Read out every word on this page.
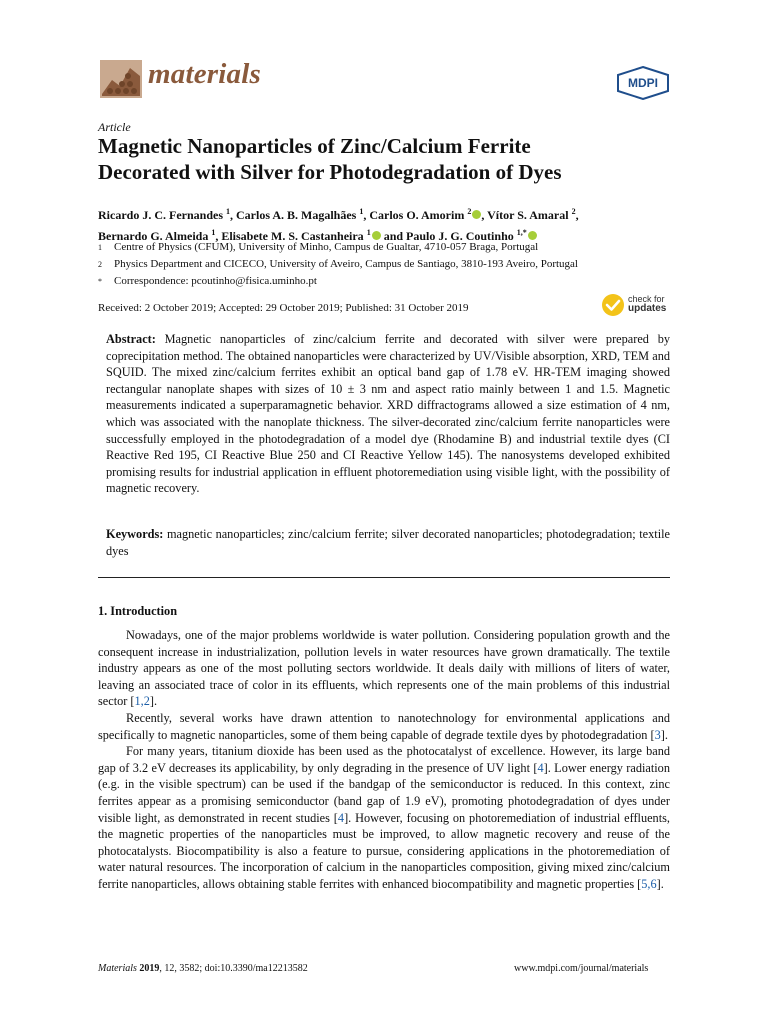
materials	MDPI
Article
Magnetic Nanoparticles of Zinc/Calcium Ferrite
Decorated with Silver for Photodegradation of Dyes
Ricardo J. C. Fernandes $^1$, Carlos A. B. Magalhães $^1$, Carlos O. Amorim $^2$ , Vítor S. Amaral $^2$,
Bernardo G. Almeida $^1$, Elisabete M. S. Castanheira $^1$ and Paulo J. G. Coutinho $^{1,*}$
1	Centre of Physics (CFUM), University of Minho, Campus de Gualtar, 4710-057 Braga, Portugal
2	Physics Department and CICECO, University of Aveiro, Campus de Santiago, 3810-193 Aveiro, Portugal
*	Correspondence: pcoutinho@fisica.uminho.pt
Received: 2 October 2019; Accepted: 29 October 2019; Published: 31 October 2019
check for
updates
Abstract: Magnetic nanoparticles of zinc/calcium ferrite and decorated with silver were prepared by coprecipitation method. The obtained nanoparticles were characterized by UV/Visible absorption, XRD, TEM and SQUID. The mixed zinc/calcium ferrites exhibit an optical band gap of 1.78 eV. HR-TEM imaging showed rectangular nanoplate shapes with sizes of 10 ± 3 nm and aspect ratio mainly between 1 and 1.5. Magnetic measurements indicated a superparamagnetic behavior. XRD diffractograms allowed a size estimation of 4 nm, which was associated with the nanoplate thickness. The silver-decorated zinc/calcium ferrite nanoparticles were successfully employed in the photodegradation of a model dye (Rhodamine B) and industrial textile dyes (CI Reactive Red 195, CI Reactive Blue 250 and CI Reactive Yellow 145). The nanosystems developed exhibited promising results for industrial application in effluent photoremediation using visible light, with the possibility of magnetic recovery.
Keywords: magnetic nanoparticles; zinc/calcium ferrite; silver decorated nanoparticles; photodegradation; textile dyes
1. Introduction

Nowadays, one of the major problems worldwide is water pollution. Considering population growth and the consequent increase in industrialization, pollution levels in water resources have grown dramatically. The textile industry appears as one of the most polluting sectors worldwide. It deals daily with millions of liters of water, leaving an associated trace of color in its effluents, which represents one of the main problems of this industrial sector [1,2].

Recently, several works have drawn attention to nanotechnology for environmental applications and specifically to magnetic nanoparticles, some of them being capable of degrade textile dyes by photodegradation [3].

For many years, titanium dioxide has been used as the photocatalyst of excellence. However, its large band gap of 3.2 eV decreases its applicability, by only degrading in the presence of UV light [4]. Lower energy radiation (e.g. in the visible spectrum) can be used if the bandgap of the semiconductor is reduced. In this context, zinc ferrites appear as a promising semiconductor (band gap of 1.9 eV), promoting photodegradation of dyes under visible light, as demonstrated in recent studies [4]. However, focusing on photoremediation of industrial effluents, the magnetic properties of the nanoparticles must be improved, to allow magnetic recovery and reuse of the photocatalysts. Biocompatibility is also a feature to pursue, considering applications in the photoremediation of water natural resources. The incorporation of calcium in the nanoparticles composition, giving mixed zinc/calcium ferrite nanoparticles, allows obtaining stable ferrites with enhanced biocompatibility and magnetic properties [5,6].

Materials 2019, 12, 3582; doi:10.3390/ma12213582	www.mdpi.com/journal/materials
